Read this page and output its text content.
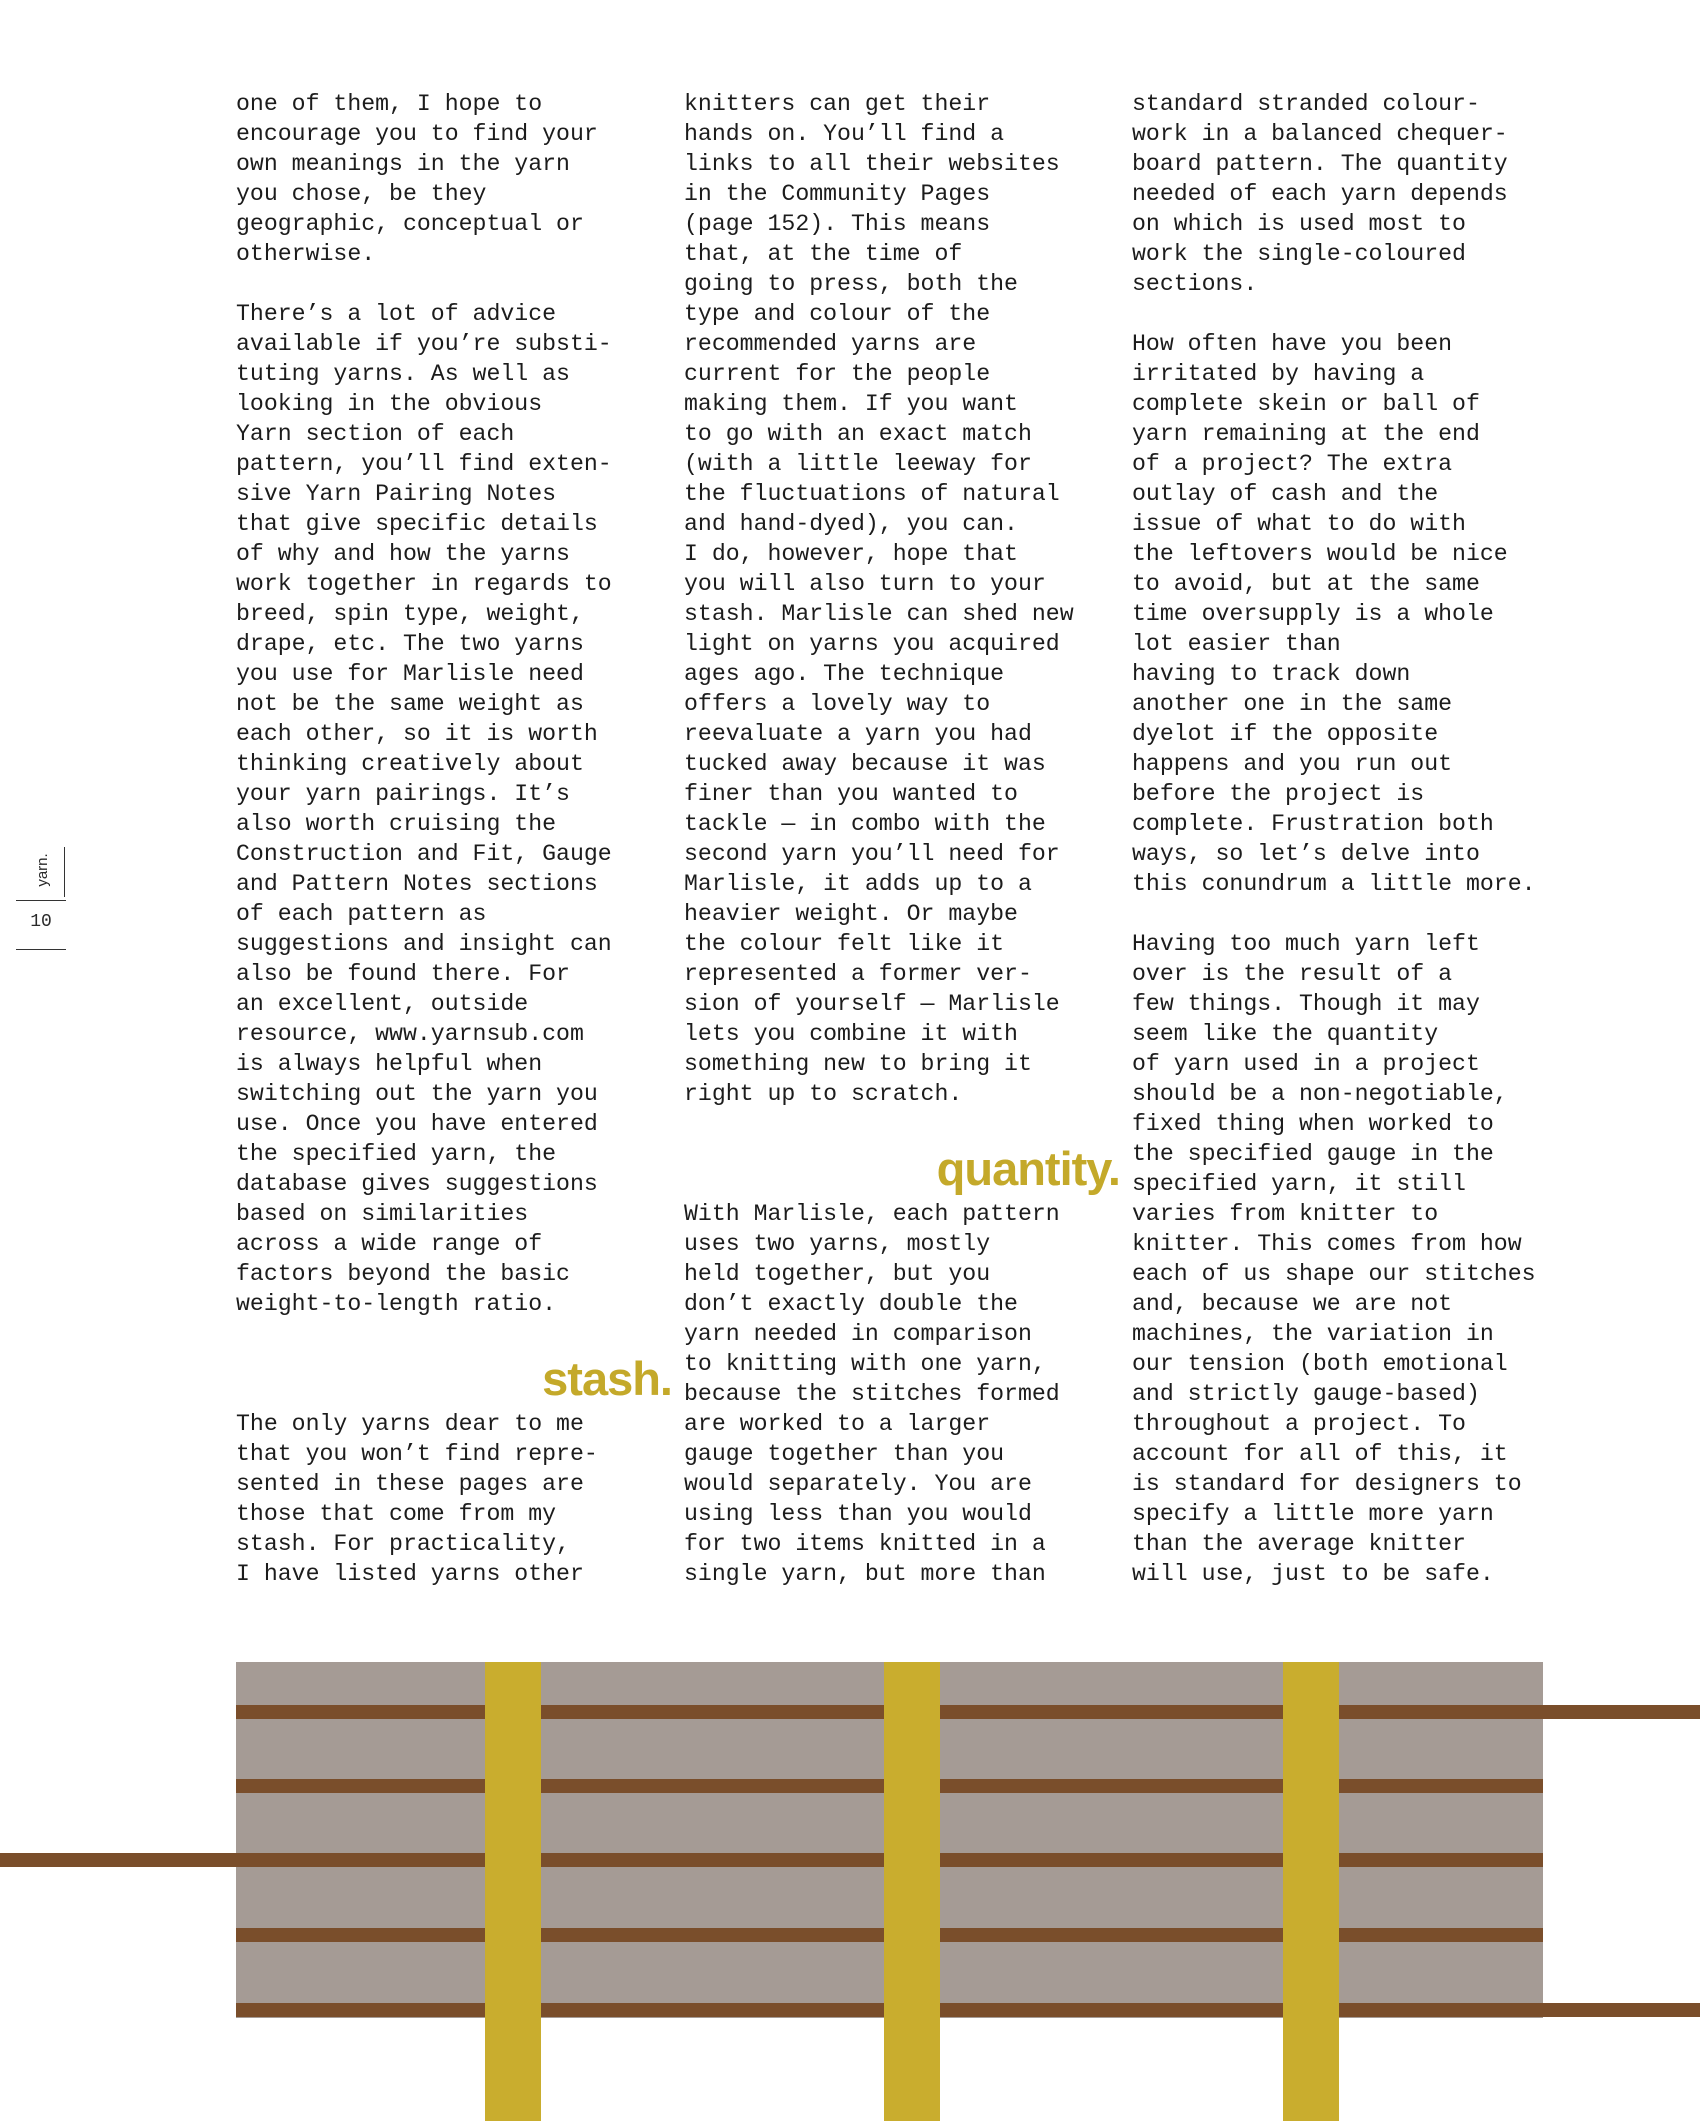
yarn.
10
one of them, I hope to
encourage you to find your
own meanings in the yarn
you chose, be they
geographic, conceptual or
otherwise.
There’s a lot of advice
available if you’re substi-
tuting yarns. As well as
looking in the obvious
Yarn section of each
pattern, you’ll find exten-
sive Yarn Pairing Notes
that give specific details
of why and how the yarns
work together in regards to
breed, spin type, weight,
drape, etc. The two yarns
you use for Marlisle need
not be the same weight as
each other, so it is worth
thinking creatively about
your yarn pairings. It’s
also worth cruising the
Construction and Fit, Gauge
and Pattern Notes sections
of each pattern as
suggestions and insight can
also be found there. For
an excellent, outside
resource, www.yarnsub.com
is always helpful when
switching out the yarn you
use. Once you have entered
the specified yarn, the
database gives suggestions
based on similarities
across a wide range of
factors beyond the basic
weight-to-length ratio.
stash.
The only yarns dear to me
that you won’t find repre-
sented in these pages are
those that come from my
stash. For practicality,
I have listed yarns other
knitters can get their
hands on. You’ll find a
links to all their websites
in the Community Pages
(page 152). This means
that, at the time of
going to press, both the
type and colour of the
recommended yarns are
current for the people
making them. If you want
to go with an exact match
(with a little leeway for
the fluctuations of natural
and hand-dyed), you can.
I do, however, hope that
you will also turn to your
stash. Marlisle can shed new
light on yarns you acquired
ages ago. The technique
offers a lovely way to
reevaluate a yarn you had
tucked away because it was
finer than you wanted to
tackle — in combo with the
second yarn you’ll need for
Marlisle, it adds up to a
heavier weight. Or maybe
the colour felt like it
represented a former ver-
sion of yourself — Marlisle
lets you combine it with
something new to bring it
right up to scratch.
quantity.
With Marlisle, each pattern
uses two yarns, mostly
held together, but you
don’t exactly double the
yarn needed in comparison
to knitting with one yarn,
because the stitches formed
are worked to a larger
gauge together than you
would separately. You are
using less than you would
for two items knitted in a
single yarn, but more than
standard stranded colour-
work in a balanced chequer-
board pattern. The quantity
needed of each yarn depends
on which is used most to
work the single-coloured
sections.
How often have you been
irritated by having a
complete skein or ball of
yarn remaining at the end
of a project? The extra
outlay of cash and the
issue of what to do with
the leftovers would be nice
to avoid, but at the same
time oversupply is a whole
lot easier than
having to track down
another one in the same
dyelot if the opposite
happens and you run out
before the project is
complete. Frustration both
ways, so let’s delve into
this conundrum a little more.
Having too much yarn left
over is the result of a
few things. Though it may
seem like the quantity
of yarn used in a project
should be a non-negotiable,
fixed thing when worked to
the specified gauge in the
specified yarn, it still
varies from knitter to
knitter. This comes from how
each of us shape our stitches
and, because we are not
machines, the variation in
our tension (both emotional
and strictly gauge-based)
throughout a project. To
account for all of this, it
is standard for designers to
specify a little more yarn
than the average knitter
will use, just to be safe.
